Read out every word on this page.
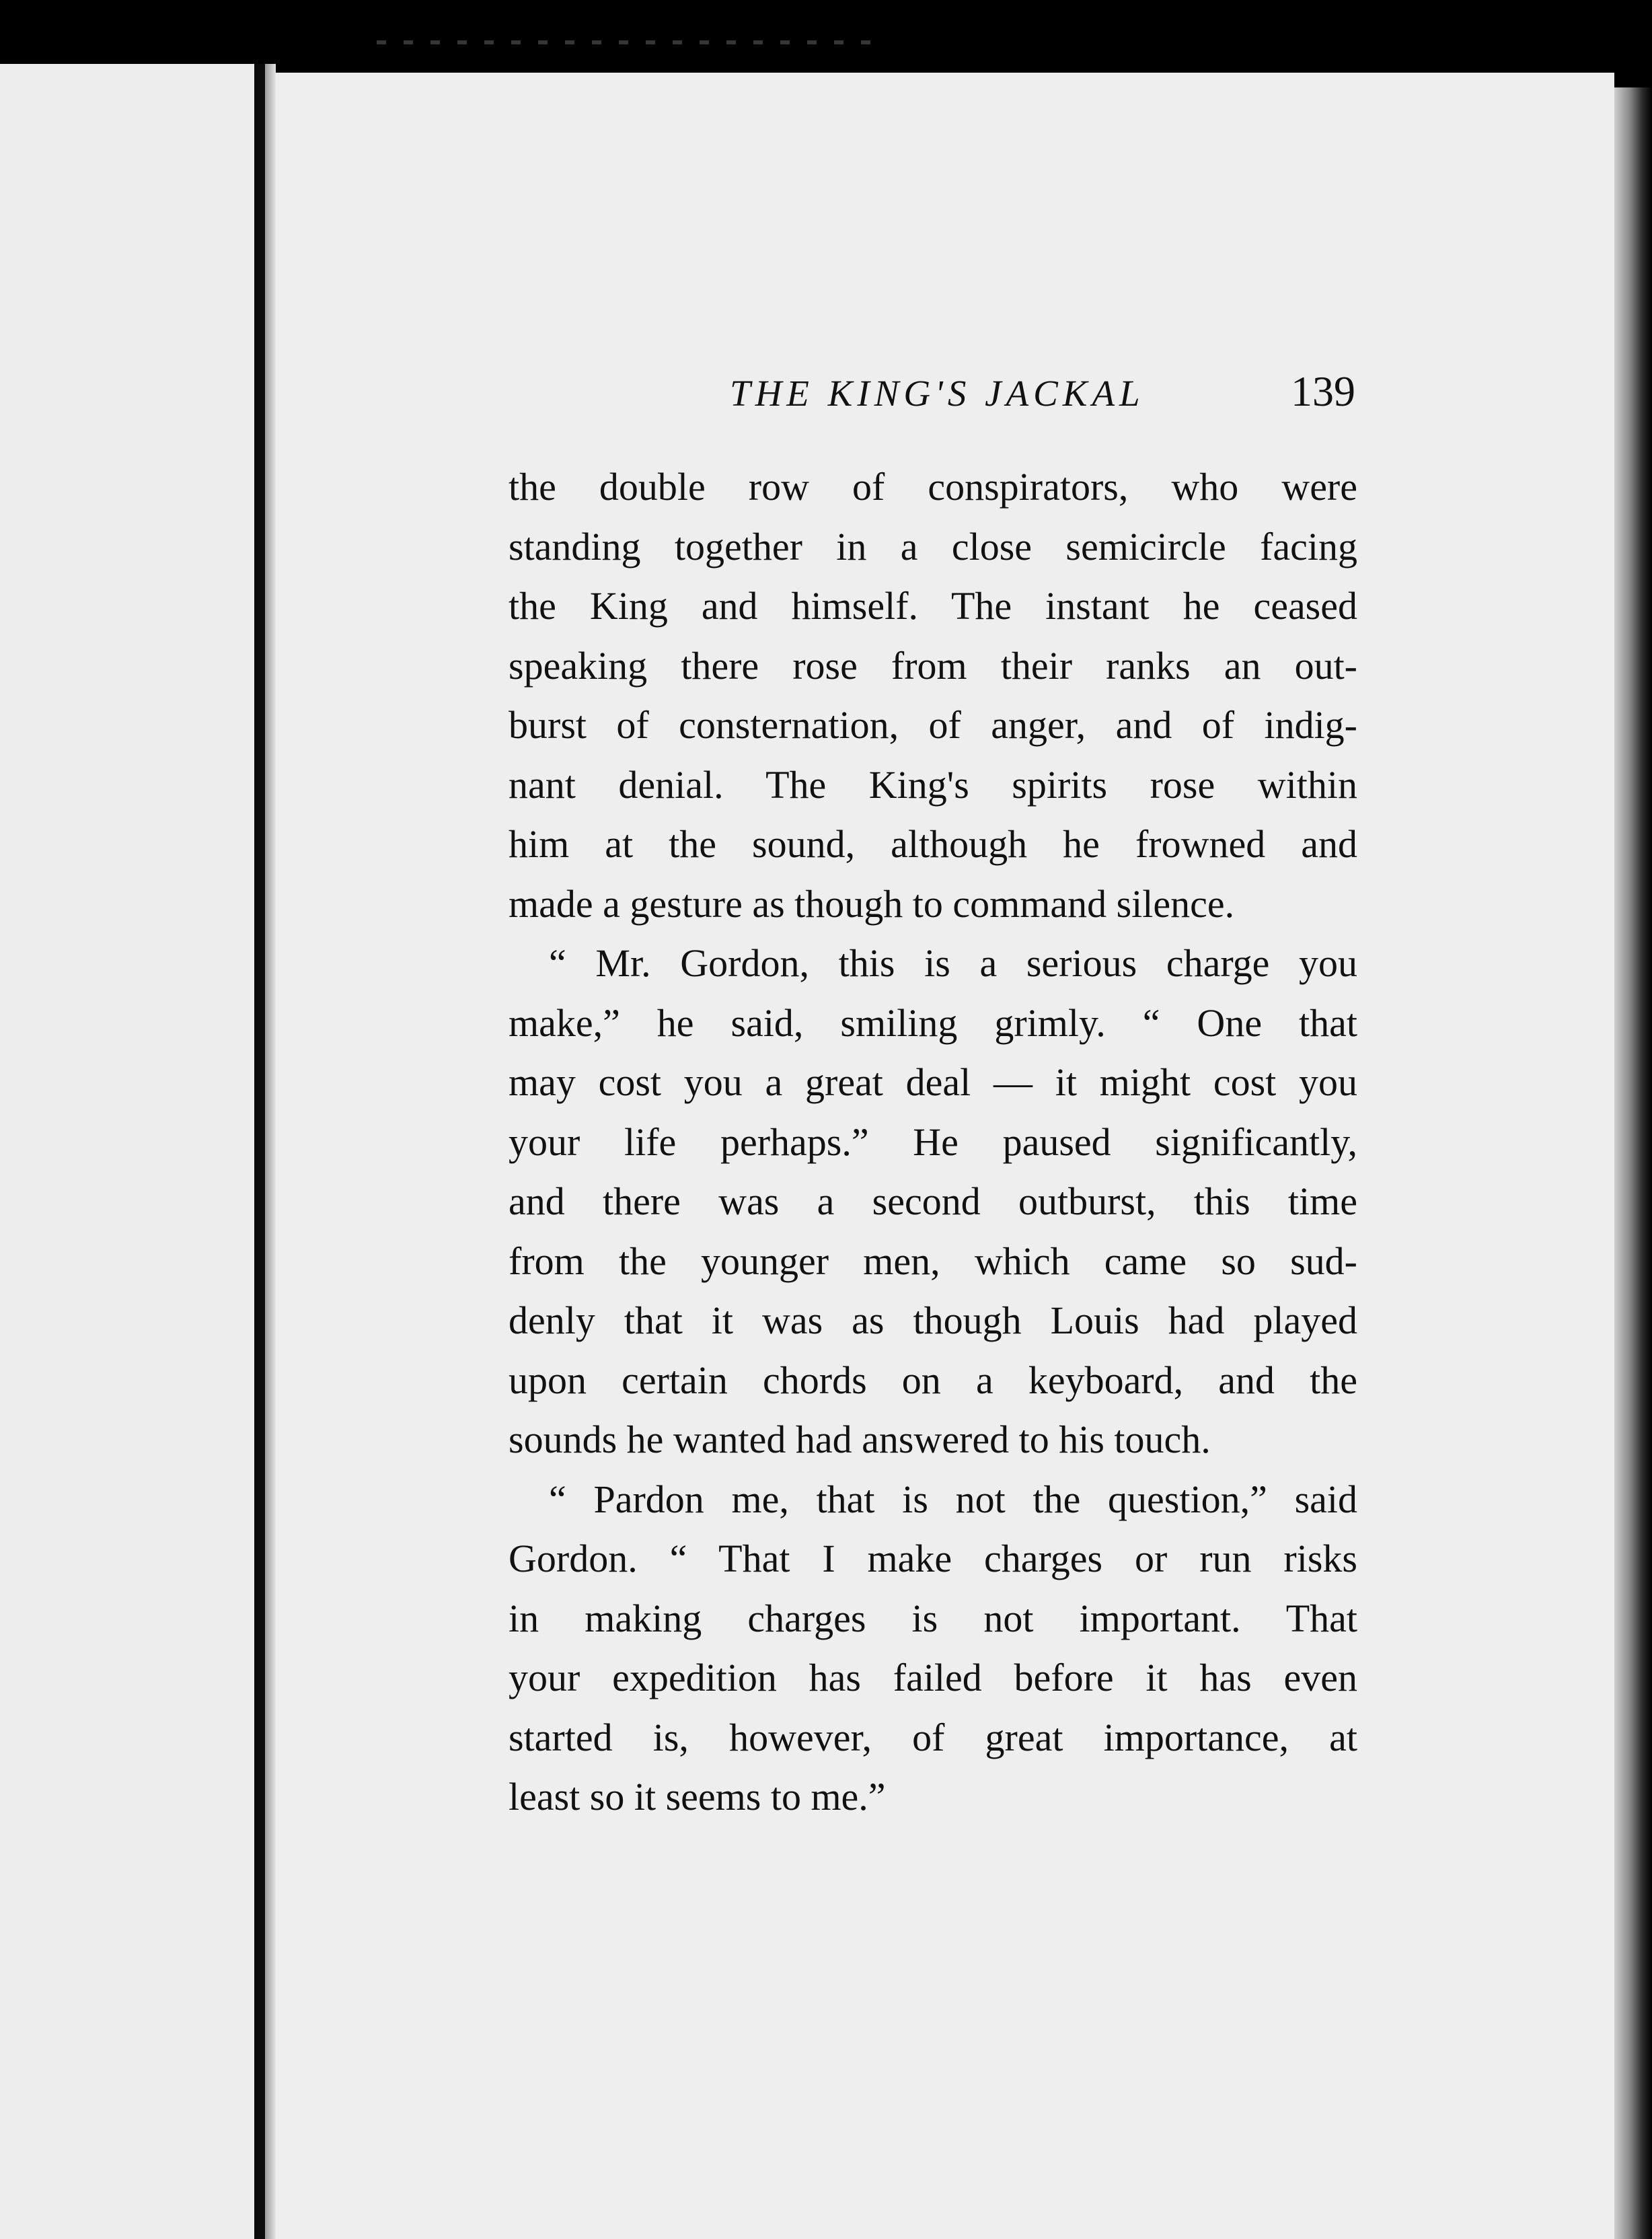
THE KING'S JACKAL	139
the double row of conspirators, who were
standing together in a close semicircle facing
the King and himself. The instant he ceased
speaking there rose from their ranks an out-
burst of consternation, of anger, and of indig-
nant denial. The King's spirits rose within
him at the sound, although he frowned and
made a gesture as though to command silence.
“ Mr. Gordon, this is a serious charge you
make,” he said, smiling grimly. “ One that
may cost you a great deal — it might cost you
your life perhaps.” He paused significantly,
and there was a second outburst, this time
from the younger men, which came so sud-
denly that it was as though Louis had played
upon certain chords on a keyboard, and the
sounds he wanted had answered to his touch.
“ Pardon me, that is not the question,” said
Gordon. “ That I make charges or run risks
in making charges is not important. That
your expedition has failed before it has even
started is, however, of great importance, at
least so it seems to me.”
